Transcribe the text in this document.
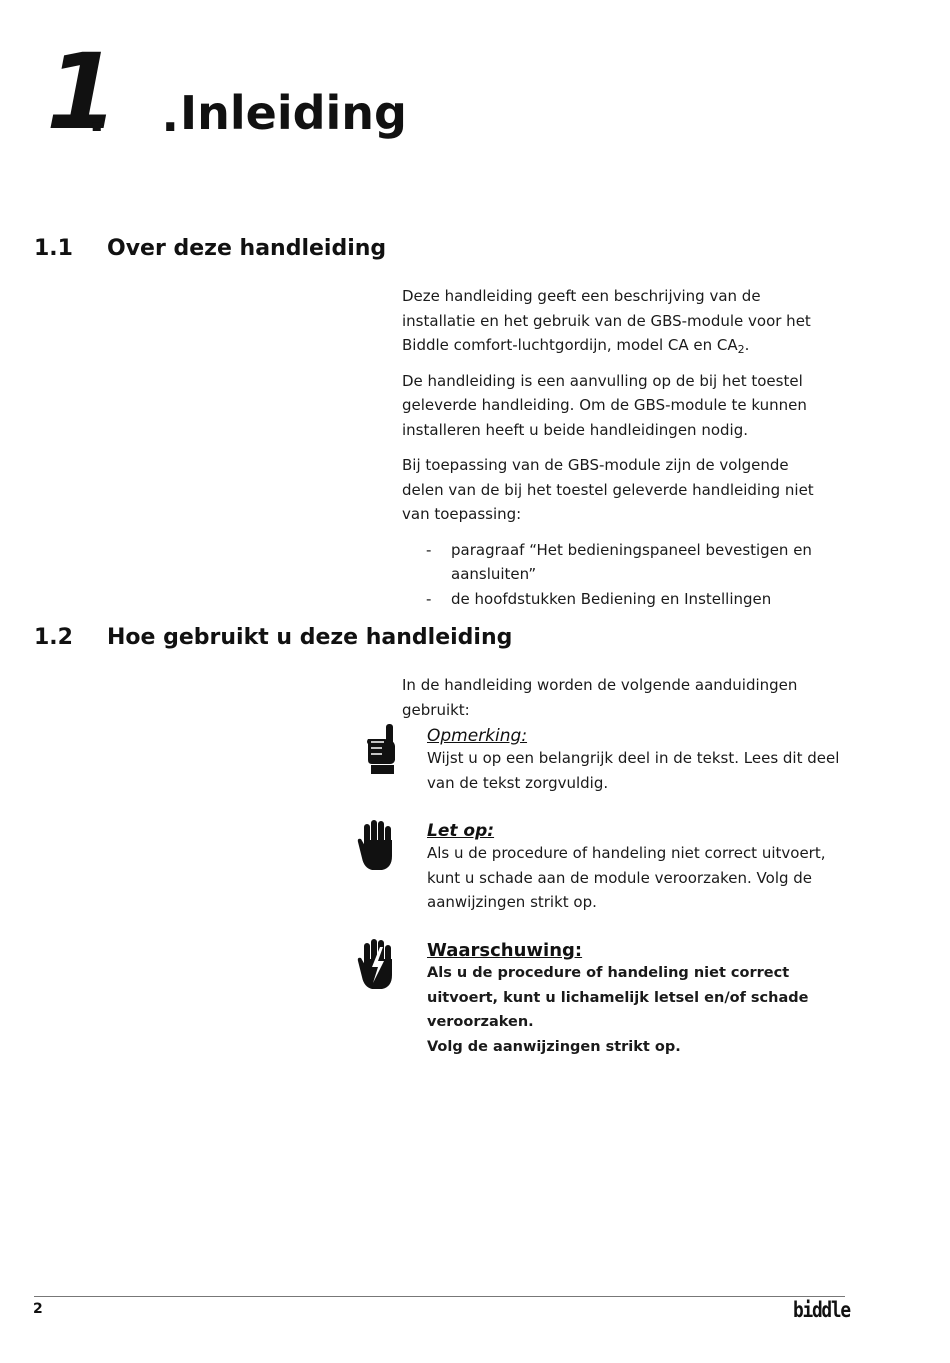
1
. .
Inleiding
1.1 Over deze handleiding

Deze handleiding geeft een beschrijving van de installatie en het gebruik van de GBS-module voor het Biddle comfort-luchtgordijn, model CA en $CA_2$.

De handleiding is een aanvulling op de bij het toestel geleverde handleiding. Om de GBS-module te kunnen installeren heeft u beide handleidingen nodig.

Bij toepassing van de GBS-module zijn de volgende delen van de bij het toestel geleverde handleiding niet van toepassing:

- paragraaf “Het bedieningspaneel bevestigen en aansluiten”
- de hoofdstukken Bediening en Instellingen
1.2 Hoe gebruikt u deze handleiding
In de handleiding worden de volgende aanduidingen gebruikt:
Opmerking:
Wijst u op een belangrijk deel in de tekst. Lees dit deel van de tekst zorgvuldig.
Let op:
Als u de procedure of handeling niet correct uitvoert, kunt u schade aan de module veroorzaken. Volg de aanwijzingen strikt op.
Waarschuwing:
Als u de procedure of handeling niet correct uitvoert, kunt u lichamelijk letsel en/of schade veroorzaken.
Volg de aanwijzingen strikt op.
2	biddle
